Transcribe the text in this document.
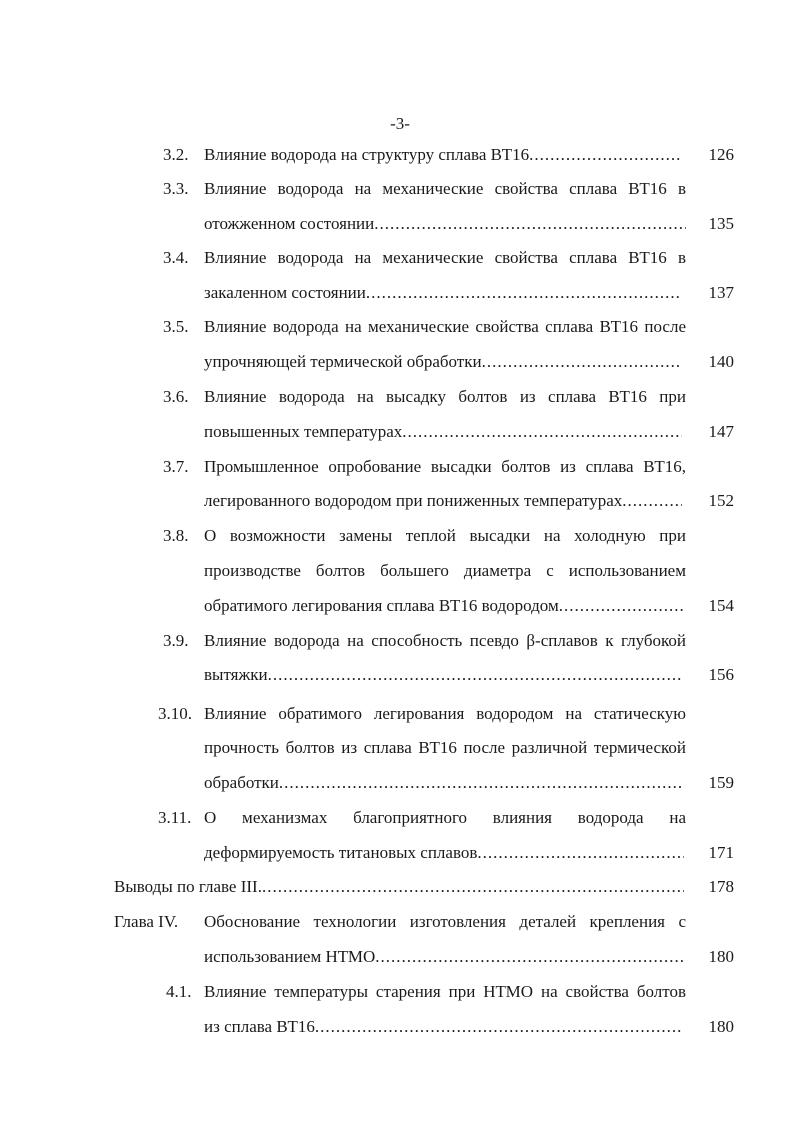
-3-
3.2. Влияние водорода на структуру сплава ВТ16 .....	126
3.3. Влияние водорода на механические свойства сплава ВТ16 в
отожженном состоянии .....	135
3.4. Влияние водорода на механические свойства сплава ВТ16 в
закаленном состоянии .....	137
3.5. Влияние водорода на механические свойства сплава ВТ16 после
упрочняющей термической обработки .....	140
3.6. Влияние водорода на высадку болтов из сплава ВТ16 при
повышенных температурах .....	147
3.7. Промышленное опробование высадки болтов из сплава ВТ16,
легированного водородом при пониженных температурах .....	152
3.8. О возможности замены теплой высадки на холодную при
производстве болтов большего диаметра с использованием
обратимого легирования сплава ВТ16 водородом .....	154
3.9. Влияние водорода на способность псевдо β-сплавов к глубокой
вытяжки .....	156
3.10. Влияние обратимого легирования водородом на статическую
прочность болтов из сплава ВТ16 после различной термической
обработки .....	159
3.11. О механизмах благоприятного влияния водорода на
деформируемость титановых сплавов .....	171
Выводы по главе III. .....	178
Глава IV. Обоснование технологии изготовления деталей крепления с
использованием НТМО .....	180
4.1. Влияние температуры старения при НТМО на свойства болтов
из сплава ВТ16 .....	180
